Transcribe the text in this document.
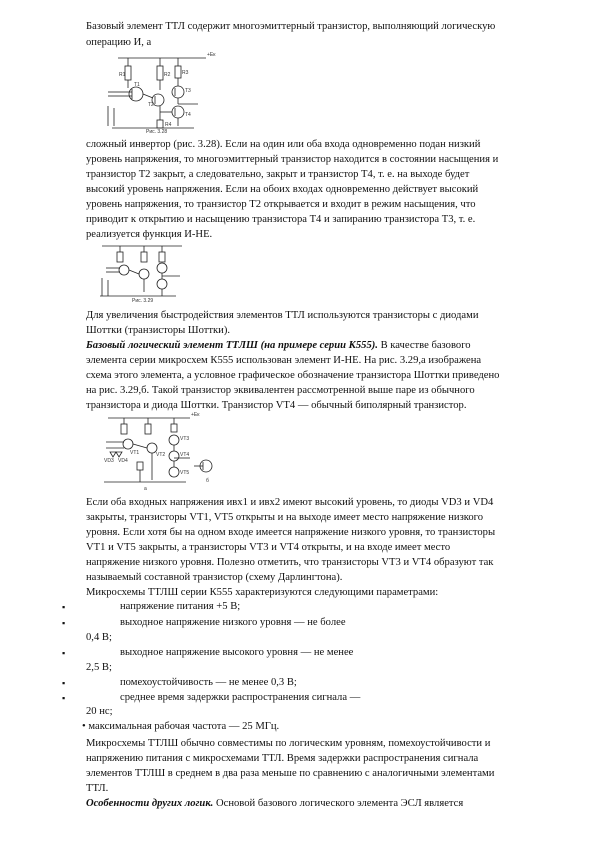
Базовый элемент ТТЛ содержит многоэмиттерный транзистор, выполняющий логическую
операцию И, а
+Ек
R1	R2 R3
T1
T2
T3
T4
R4
Рис. 3.28
сложный инвертор (рис. 3.28). Если на один или оба входа одновременно подан низкий
уровень напряжения, то многоэмиттерный транзистор находится в состоянии насыщения и
транзистор Т2 закрыт, а следовательно, закрыт и транзистор Т4, т. е. на выходе будет
высокий уровень напряжения. Если на обоих входах одновременно действует высокий
уровень напряжения, то транзистор Т2 открывается и входит в режим насыщения, что
приводит к открытию и насыщению транзистора Т4 и запиранию транзистора Т3, т. е.
реализуется функция И-НЕ.
Рис. 3.29
Для увеличения быстродействия элементов ТТЛ используются транзисторы с диодами
Шоттки (транзисторы Шоттки).
Базовый логический элемент ТТЛШ (на примере серии К555). В качестве базового
элемента серии микросхем К555 использован элемент И-НЕ. На рис. 3.29,а изображена
схема этого элемента, а условное графическое обозначение транзистора Шоттки приведено
на рис. 3.29,б. Такой транзистор эквивалентен рассмотренной выше паре из обычного
транзистора и диода Шоттки. Транзистор VT4 — обычный биполярный транзистор.
+Ек
VT1	VT2
VT3
VT4
VT5
VD3 VD4
а
б
Если оба входных напряжения ивх1 и ивх2 имеют высокий уровень, то диоды VD3 и VD4
закрыты, транзисторы VT1, VT5 открыты и на выходе имеет место напряжение низкого
уровня. Если хотя бы на одном входе имеется напряжение низкого уровня, то транзисторы
VT1 и VT5 закрыты, а транзисторы VT3 и VT4 открыты, и на входе имеет место
напряжение низкого уровня. Полезно отметить, что транзисторы VT3 и VT4 образуют так
называемый составной транзистор (схему Дарлингтона).
Микросхемы ТТЛШ серии К555 характеризуются следующими параметрами:
▪	напряжение питания +5 В;
▪	выходное напряжение низкого уровня — не более
0,4 В;
▪	выходное напряжение высокого уровня — не менее
2,5 В;
▪	помехоустойчивость — не менее 0,3 В;
▪	среднее время задержки распространения сигнала —
20 нс;
• максимальная рабочая частота — 25 МГц.
Микросхемы ТТЛШ обычно совместимы по логическим уровням, помехоустойчивости и
напряжению питания с микросхемами ТТЛ. Время задержки распространения сигнала
элементов ТТЛШ в среднем в два раза меньше по сравнению с аналогичными элементами
ТТЛ.
Особенности других логик. Основой базового логического элемента ЭСЛ является
